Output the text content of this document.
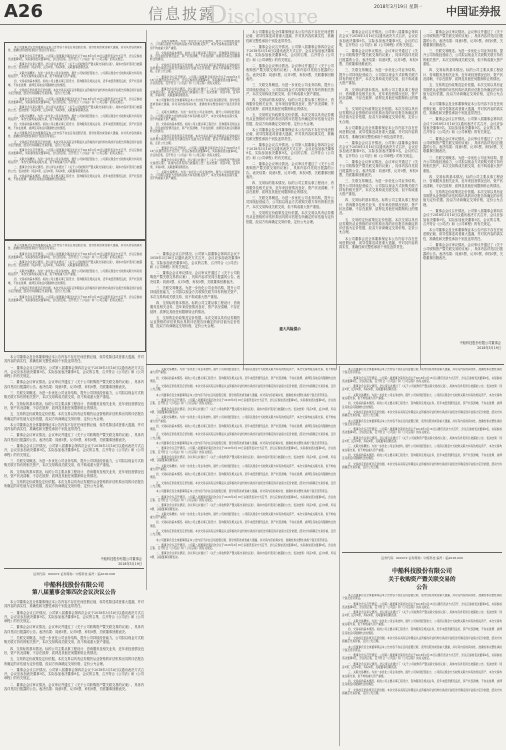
A26	信息披露
Disclosure	2018年3月19日 星期一 中国证券报

本公司董事会及全体董事保证本公告内容不存在任何虚假记载、误导性陈述或者重大遗漏，并对其内容的真实性、准确性和完整性承担个别及连带责任。

一、董事会会议召开情况。公司第八届董事会第四次会议于2018年3月16日以通讯表决方式召开，会议应参加表决董事9名，实际参加表决董事9名，会议的召集、召开符合《公司法》和《公司章程》的有关规定。

二、董事会会议审议情况。会议审议并通过了《关于公司收购资产暨关联交易的议案》，具体内容详见同日披露的公告。表决结果：同意5票，反对0票，弃权0票，关联董事回避表决。

三、关联交易概述。为进一步优化公司业务结构，提升公司持续经营能力，公司拟以现金方式收购关联方持有的相关资产，本次交易构成关联交易，但不构成重大资产重组。

四、交易标的基本情况。标的公司主要从事工程设计、咨询服务及相关业务，近年来经营情况良好，资产状况清晰，不存在抵押、质押及其他任何限制转让的情况。

五、交易的定价政策及定价依据。本次交易以具有证券期货从业资格的评估机构出具的评估报告所确定的评估值为定价依据，经双方协商确定交易价格，定价公允合理。

一、董事会会议召开情况。公司第八届董事会第四次会议于2018年3月16日以通讯表决方式召开，会议应参加表决董事9名，实际参加表决董事9名，会议的召集、召开符合《公司法》和《公司章程》的有关规定。

二、董事会会议审议情况。会议审议并通过了《关于公司收购资产暨关联交易的议案》，具体内容详见同日披露的公告。表决结果：同意5票，反对0票，弃权0票，关联董事回避表决。

三、关联交易概述。为进一步优化公司业务结构，提升公司持续经营能力，公司拟以现金方式收购关联方持有的相关资产，本次交易构成关联交易，但不构成重大资产重组。

四、交易标的基本情况。标的公司主要从事工程设计、咨询服务及相关业务，近年来经营情况良好，资产状况清晰，不存在抵押、质押及其他任何限制转让的情况。

本公司董事会及全体董事保证本公告内容不存在任何虚假记载、误导性陈述或者重大遗漏，并对其内容的真实性、准确性和完整性承担个别及连带责任。

五、交易的定价政策及定价依据。本次交易以具有证券期货从业资格的评估机构出具的评估报告所确定的评估值为定价依据，经双方协商确定交易价格，定价公允合理。

一、董事会会议召开情况。公司第八届董事会第四次会议于2018年3月16日以通讯表决方式召开，会议应参加表决董事9名，实际参加表决董事9名，会议的召集、召开符合《公司法》和《公司章程》的有关规定。

三、关联交易概述。为进一步优化公司业务结构，提升公司持续经营能力，公司拟以现金方式收购关联方持有的相关资产，本次交易构成关联交易，但不构成重大资产重组。

二、董事会会议审议情况。会议审议并通过了《关于公司收购资产暨关联交易的议案》，具体内容详见同日披露的公告。表决结果：同意5票，反对0票，弃权0票，关联董事回避表决。

四、交易标的基本情况。标的公司主要从事工程设计、咨询服务及相关业务，近年来经营情况良好，资产状况清晰，不存在抵押、质押及其他任何限制转让的情况。

三、关联交易概述。为进一步优化公司业务结构，提升公司持续经营能力，公司拟以现金方式收购关联方持有的相关资产，本次交易构成关联交易，但不构成重大资产重组。

四、交易标的基本情况。标的公司主要从事工程设计、咨询服务及相关业务，近年来经营情况良好，资产状况清晰，不存在抵押、质押及其他任何限制转让的情况。

五、交易的定价政策及定价依据。本次交易以具有证券期货从业资格的评估机构出具的评估报告所确定的评估值为定价依据，经双方协商确定交易价格，定价公允合理。

一、董事会会议召开情况。公司第八届董事会第四次会议于2018年3月16日以通讯表决方式召开，会议应参加表决董事9名，实际参加表决董事9名，会议的召集、召开符合《公司法》和《公司章程》的有关规定。

二、董事会会议审议情况。会议审议并通过了《关于公司收购资产暨关联交易的议案》，具体内容详见同日披露的公告。表决结果：同意5票，反对0票，弃权0票，关联董事回避表决。

本公司董事会及全体董事保证本公告内容不存在任何虚假记载、误导性陈述或者重大遗漏，并对其内容的真实性、准确性和完整性承担个别及连带责任。

三、关联交易概述。为进一步优化公司业务结构，提升公司持续经营能力，公司拟以现金方式收购关联方持有的相关资产，本次交易构成关联交易，但不构成重大资产重组。

四、交易标的基本情况。标的公司主要从事工程设计、咨询服务及相关业务，近年来经营情况良好，资产状况清晰，不存在抵押、质押及其他任何限制转让的情况。

五、交易的定价政策及定价依据。本次交易以具有证券期货从业资格的评估机构出具的评估报告所确定的评估值为定价依据，经双方协商确定交易价格，定价公允合理。

一、董事会会议召开情况。公司第八届董事会第四次会议于2018年3月16日以通讯表决方式召开，会议应参加表决董事9名，实际参加表决董事9名，会议的召集、召开符合《公司法》和《公司章程》的有关规定。

二、董事会会议审议情况。会议审议并通过了《关于公司收购资产暨关联交易的议案》，具体内容详见同日披露的公告。表决结果：同意5票，反对0票，弃权0票，关联董事回避表决。

三、关联交易概述。为进一步优化公司业务结构，提升公司持续经营能力，公司拟以现金方式收购关联方持有的相关资产，本次交易构成关联交易，但不构成重大资产重组。

本公司董事会及全体董事保证本公告内容不存在任何虚假记载、误导性陈述或者重大遗漏，并对其内容的真实性、准确性和完整性承担个别及连带责任。

一、董事会会议召开情况。公司第八届董事会第四次会议于2018年3月16日以通讯表决方式召开，会议应参加表决董事9名，实际参加表决董事9名，会议的召集、召开符合《公司法》和《公司章程》的有关规定。

二、董事会会议审议情况。会议审议并通过了《关于公司收购资产暨关联交易的议案》，具体内容详见同日披露的公告。表决结果：同意5票，反对0票，弃权0票，关联董事回避表决。

三、关联交易概述。为进一步优化公司业务结构，提升公司持续经营能力，公司拟以现金方式收购关联方持有的相关资产，本次交易构成关联交易，但不构成重大资产重组。

四、交易标的基本情况。标的公司主要从事工程设计、咨询服务及相关业务，近年来经营情况良好，资产状况清晰，不存在抵押、质押及其他任何限制转让的情况。

五、交易的定价政策及定价依据。本次交易以具有证券期货从业资格的评估机构出具的评估报告所确定的评估值为定价依据，经双方协商确定交易价格，定价公允合理。

本公司董事会及全体董事保证本公告内容不存在任何虚假记载、误导性陈述或者重大遗漏，并对其内容的真实性、准确性和完整性承担个别及连带责任。

一、董事会会议召开情况。公司第八届董事会第四次会议于2018年3月16日以通讯表决方式召开，会议应参加表决董事9名，实际参加表决董事9名，会议的召集、召开符合《公司法》和《公司章程》的有关规定。

二、董事会会议审议情况。会议审议并通过了《关于公司收购资产暨关联交易的议案》，具体内容详见同日披露的公告。表决结果：同意5票，反对0票，弃权0票，关联董事回避表决。

四、交易标的基本情况。标的公司主要从事工程设计、咨询服务及相关业务，近年来经营情况良好，资产状况清晰，不存在抵押、质押及其他任何限制转让的情况。

三、关联交易概述。为进一步优化公司业务结构，提升公司持续经营能力，公司拟以现金方式收购关联方持有的相关资产，本次交易构成关联交易，但不构成重大资产重组。

五、交易的定价政策及定价依据。本次交易以具有证券期货从业资格的评估机构出具的评估报告所确定的评估值为定价依据，经双方协商确定交易价格，定价公允合理。

一、董事会会议召开情况。公司第八届董事会第四次会议于2018年3月16日以通讯表决方式召开，会议应参加表决董事9名，实际参加表决董事9名，会议的召集、召开符合《公司法》和《公司章程》的有关规定。

二、董事会会议审议情况。会议审议并通过了《关于公司收购资产暨关联交易的议案》，具体内容详见同日披露的公告。表决结果：同意5票，反对0票，弃权0票，关联董事回避表决。

三、关联交易概述。为进一步优化公司业务结构，提升公司持续经营能力，公司拟以现金方式收购关联方持有的相关资产，本次交易构成关联交易，但不构成重大资产重组。

四、交易标的基本情况。标的公司主要从事工程设计、咨询服务及相关业务，近年来经营情况良好，资产状况清晰，不存在抵押、质押及其他任何限制转让的情况。

五、交易的定价政策及定价依据。本次交易以具有证券期货从业资格的评估机构出具的评估报告所确定的评估值为定价依据，经双方协商确定交易价格，定价公允合理。

本公司董事会及全体董事保证本公告内容不存在任何虚假记载、误导性陈述或者重大遗漏，并对其内容的真实性、准确性和完整性承担个别及连带责任。

一、董事会会议召开情况。公司第八届董事会第四次会议于2018年3月16日以通讯表决方式召开，会议应参加表决董事9名，实际参加表决董事9名，会议的召集、召开符合《公司法》和《公司章程》的有关规定。

二、董事会会议审议情况。会议审议并通过了《关于公司收购资产暨关联交易的议案》，具体内容详见同日披露的公告。表决结果：同意5票，反对0票，弃权0票，关联董事回避表决。

三、关联交易概述。为进一步优化公司业务结构，提升公司持续经营能力，公司拟以现金方式收购关联方持有的相关资产，本次交易构成关联交易，但不构成重大资产重组。

四、交易标的基本情况。标的公司主要从事工程设计、咨询服务及相关业务，近年来经营情况良好，资产状况清晰，不存在抵押、质押及其他任何限制转让的情况。

五、交易的定价政策及定价依据。本次交易以具有证券期货从业资格的评估机构出具的评估报告所确定的评估值为定价依据，经双方协商确定交易价格，定价公允合理。

本公司董事会及全体董事保证本公告内容不存在任何虚假记载、误导性陈述或者重大遗漏，并对其内容的真实性、准确性和完整性承担个别及连带责任。

二、董事会会议审议情况。会议审议并通过了《关于公司收购资产暨关联交易的议案》，具体内容详见同日披露的公告。表决结果：同意5票，反对0票，弃权0票，关联董事回避表决。

三、关联交易概述。为进一步优化公司业务结构，提升公司持续经营能力，公司拟以现金方式收购关联方持有的相关资产，本次交易构成关联交易，但不构成重大资产重组。

四、交易标的基本情况。标的公司主要从事工程设计、咨询服务及相关业务，近年来经营情况良好，资产状况清晰，不存在抵押、质押及其他任何限制转让的情况。

五、交易的定价政策及定价依据。本次交易以具有证券期货从业资格的评估机构出具的评估报告所确定的评估值为定价依据，经双方协商确定交易价格，定价公允合理。

本公司董事会及全体董事保证本公告内容不存在任何虚假记载、误导性陈述或者重大遗漏，并对其内容的真实性、准确性和完整性承担个别及连带责任。

一、董事会会议召开情况。公司第八届董事会第四次会议于2018年3月16日以通讯表决方式召开，会议应参加表决董事9名，实际参加表决董事9名，会议的召集、召开符合《公司法》和《公司章程》的有关规定。

二、董事会会议审议情况。会议审议并通过了《关于公司收购资产暨关联交易的议案》，具体内容详见同日披露的公告。表决结果：同意5票，反对0票，弃权0票，关联董事回避表决。

三、关联交易概述。为进一步优化公司业务结构，提升公司持续经营能力，公司拟以现金方式收购关联方持有的相关资产，本次交易构成关联交易，但不构成重大资产重组。

四、交易标的基本情况。标的公司主要从事工程设计、咨询服务及相关业务，近年来经营情况良好，资产状况清晰，不存在抵押、质押及其他任何限制转让的情况。

五、交易的定价政策及定价依据。本次交易以具有证券期货从业资格的评估机构出具的评估报告所确定的评估值为定价依据，经双方协商确定交易价格，定价公允合理。

一、董事会会议召开情况。公司第八届董事会第四次会议于2018年3月16日以通讯表决方式召开，会议应参加表决董事9名，实际参加表决董事9名，会议的召集、召开符合《公司法》和《公司章程》的有关规定。

本公司董事会及全体董事保证本公告内容不存在任何虚假记载、误导性陈述或者重大遗漏，并对其内容的真实性、准确性和完整性承担个别及连带责任。

二、董事会会议审议情况。会议审议并通过了《关于公司收购资产暨关联交易的议案》，具体内容详见同日披露的公告。表决结果：同意5票，反对0票，弃权0票，关联董事回避表决。

一、董事会会议召开情况。公司第八届董事会第四次会议于2018年3月16日以通讯表决方式召开，会议应参加表决董事9名，实际参加表决董事9名，会议的召集、召开符合《公司法》和《公司章程》的有关规定。

二、董事会会议审议情况。会议审议并通过了《关于公司收购资产暨关联交易的议案》，具体内容详见同日披露的公告。表决结果：同意5票，反对0票，弃权0票，关联董事回避表决。

三、关联交易概述。为进一步优化公司业务结构，提升公司持续经营能力，公司拟以现金方式收购关联方持有的相关资产，本次交易构成关联交易，但不构成重大资产重组。

四、交易标的基本情况。标的公司主要从事工程设计、咨询服务及相关业务，近年来经营情况良好，资产状况清晰，不存在抵押、质押及其他任何限制转让的情况。

五、交易的定价政策及定价依据。本次交易以具有证券期货从业资格的评估机构出具的评估报告所确定的评估值为定价依据，经双方协商确定交易价格，定价公允合理。

重大风险提示
中船科技股份有限公司董事会
2018年3月19日

本公司董事会及全体董事保证本公告内容不存在任何虚假记载、误导性陈述或者重大遗漏，并对其内容的真实性、准确性和完整性承担个别及连带责任。

一、董事会会议召开情况。公司第八届董事会第四次会议于2018年3月16日以通讯表决方式召开，会议应参加表决董事9名，实际参加表决董事9名，会议的召集、召开符合《公司法》和《公司章程》的有关规定。

二、董事会会议审议情况。会议审议并通过了《关于公司收购资产暨关联交易的议案》，具体内容详见同日披露的公告。表决结果：同意5票，反对0票，弃权0票，关联董事回避表决。

三、关联交易概述。为进一步优化公司业务结构，提升公司持续经营能力，公司拟以现金方式收购关联方持有的相关资产，本次交易构成关联交易，但不构成重大资产重组。

四、交易标的基本情况。标的公司主要从事工程设计、咨询服务及相关业务，近年来经营情况良好，资产状况清晰，不存在抵押、质押及其他任何限制转让的情况。

五、交易的定价政策及定价依据。本次交易以具有证券期货从业资格的评估机构出具的评估报告所确定的评估值为定价依据，经双方协商确定交易价格，定价公允合理。

一、董事会会议召开情况。公司第八届董事会第四次会议于2018年3月16日以通讯表决方式召开，会议应参加表决董事9名，实际参加表决董事9名，会议的召集、召开符合《公司法》和《公司章程》的有关规定。

本公司董事会及全体董事保证本公告内容不存在任何虚假记载、误导性陈述或者重大遗漏，并对其内容的真实性、准确性和完整性承担个别及连带责任。

一、董事会会议召开情况。公司第八届董事会第四次会议于2018年3月16日以通讯表决方式召开，会议应参加表决董事9名，实际参加表决董事9名，会议的召集、召开符合《公司法》和《公司章程》的有关规定。

二、董事会会议审议情况。会议审议并通过了《关于公司收购资产暨关联交易的议案》，具体内容详见同日披露的公告。表决结果：同意5票，反对0票，弃权0票，关联董事回避表决。

三、关联交易概述。为进一步优化公司业务结构，提升公司持续经营能力，公司拟以现金方式收购关联方持有的相关资产，本次交易构成关联交易，但不构成重大资产重组。

四、交易标的基本情况。标的公司主要从事工程设计、咨询服务及相关业务，近年来经营情况良好，资产状况清晰，不存在抵押、质押及其他任何限制转让的情况。

五、交易的定价政策及定价依据。本次交易以具有证券期货从业资格的评估机构出具的评估报告所确定的评估值为定价依据，经双方协商确定交易价格，定价公允合理。

本公司董事会及全体董事保证本公告内容不存在任何虚假记载、误导性陈述或者重大遗漏，并对其内容的真实性、准确性和完整性承担个别及连带责任。

二、董事会会议审议情况。会议审议并通过了《关于公司收购资产暨关联交易的议案》，具体内容详见同日披露的公告。表决结果：同意5票，反对0票，弃权0票，关联董事回避表决。

一、董事会会议召开情况。公司第八届董事会第四次会议于2018年3月16日以通讯表决方式召开，会议应参加表决董事9名，实际参加表决董事9名，会议的召集、召开符合《公司法》和《公司章程》的有关规定。

三、关联交易概述。为进一步优化公司业务结构，提升公司持续经营能力，公司拟以现金方式收购关联方持有的相关资产，本次交易构成关联交易，但不构成重大资产重组。

四、交易标的基本情况。标的公司主要从事工程设计、咨询服务及相关业务，近年来经营情况良好，资产状况清晰，不存在抵押、质押及其他任何限制转让的情况。

五、交易的定价政策及定价依据。本次交易以具有证券期货从业资格的评估机构出具的评估报告所确定的评估值为定价依据，经双方协商确定交易价格，定价公允合理。

中船科技股份有限公司董事会
2018年3月19日
证券代码：600072 证券简称：中船科技 编号：临2018-008
中船科技股份有限公司
第八届董事会第四次会议决议公告

本公司董事会及全体董事保证本公告内容不存在任何虚假记载、误导性陈述或者重大遗漏，并对其内容的真实性、准确性和完整性承担个别及连带责任。

一、董事会会议召开情况。公司第八届董事会第四次会议于2018年3月16日以通讯表决方式召开，会议应参加表决董事9名，实际参加表决董事9名，会议的召集、召开符合《公司法》和《公司章程》的有关规定。

二、董事会会议审议情况。会议审议并通过了《关于公司收购资产暨关联交易的议案》，具体内容详见同日披露的公告。表决结果：同意5票，反对0票，弃权0票，关联董事回避表决。

三、关联交易概述。为进一步优化公司业务结构，提升公司持续经营能力，公司拟以现金方式收购关联方持有的相关资产，本次交易构成关联交易，但不构成重大资产重组。

四、交易标的基本情况。标的公司主要从事工程设计、咨询服务及相关业务，近年来经营情况良好，资产状况清晰，不存在抵押、质押及其他任何限制转让的情况。

五、交易的定价政策及定价依据。本次交易以具有证券期货从业资格的评估机构出具的评估报告所确定的评估值为定价依据，经双方协商确定交易价格，定价公允合理。

一、董事会会议召开情况。公司第八届董事会第四次会议于2018年3月16日以通讯表决方式召开，会议应参加表决董事9名，实际参加表决董事9名，会议的召集、召开符合《公司法》和《公司章程》的有关规定。

二、董事会会议审议情况。会议审议并通过了《关于公司收购资产暨关联交易的议案》，具体内容详见同日披露的公告。表决结果：同意5票，反对0票，弃权0票，关联董事回避表决。

三、关联交易概述。为进一步优化公司业务结构，提升公司持续经营能力，公司拟以现金方式收购关联方持有的相关资产，本次交易构成关联交易，但不构成重大资产重组。

四、交易标的基本情况。标的公司主要从事工程设计、咨询服务及相关业务，近年来经营情况良好，资产状况清晰，不存在抵押、质押及其他任何限制转让的情况。

五、交易的定价政策及定价依据。本次交易以具有证券期货从业资格的评估机构出具的评估报告所确定的评估值为定价依据，经双方协商确定交易价格，定价公允合理。

本公司董事会及全体董事保证本公告内容不存在任何虚假记载、误导性陈述或者重大遗漏，并对其内容的真实性、准确性和完整性承担个别及连带责任。

一、董事会会议召开情况。公司第八届董事会第四次会议于2018年3月16日以通讯表决方式召开，会议应参加表决董事9名，实际参加表决董事9名，会议的召集、召开符合《公司法》和《公司章程》的有关规定。

二、董事会会议审议情况。会议审议并通过了《关于公司收购资产暨关联交易的议案》，具体内容详见同日披露的公告。表决结果：同意5票，反对0票，弃权0票，关联董事回避表决。

三、关联交易概述。为进一步优化公司业务结构，提升公司持续经营能力，公司拟以现金方式收购关联方持有的相关资产，本次交易构成关联交易，但不构成重大资产重组。

四、交易标的基本情况。标的公司主要从事工程设计、咨询服务及相关业务，近年来经营情况良好，资产状况清晰，不存在抵押、质押及其他任何限制转让的情况。

五、交易的定价政策及定价依据。本次交易以具有证券期货从业资格的评估机构出具的评估报告所确定的评估值为定价依据，经双方协商确定交易价格，定价公允合理。

本公司董事会及全体董事保证本公告内容不存在任何虚假记载、误导性陈述或者重大遗漏，并对其内容的真实性、准确性和完整性承担个别及连带责任。

一、董事会会议召开情况。公司第八届董事会第四次会议于2018年3月16日以通讯表决方式召开，会议应参加表决董事9名，实际参加表决董事9名，会议的召集、召开符合《公司法》和《公司章程》的有关规定。

二、董事会会议审议情况。会议审议并通过了《关于公司收购资产暨关联交易的议案》，具体内容详见同日披露的公告。表决结果：同意5票，反对0票，弃权0票，关联董事回避表决。

三、关联交易概述。为进一步优化公司业务结构，提升公司持续经营能力，公司拟以现金方式收购关联方持有的相关资产，本次交易构成关联交易，但不构成重大资产重组。

四、交易标的基本情况。标的公司主要从事工程设计、咨询服务及相关业务，近年来经营情况良好，资产状况清晰，不存在抵押、质押及其他任何限制转让的情况。

五、交易的定价政策及定价依据。本次交易以具有证券期货从业资格的评估机构出具的评估报告所确定的评估值为定价依据，经双方协商确定交易价格，定价公允合理。

本公司董事会及全体董事保证本公告内容不存在任何虚假记载、误导性陈述或者重大遗漏，并对其内容的真实性、准确性和完整性承担个别及连带责任。

一、董事会会议召开情况。公司第八届董事会第四次会议于2018年3月16日以通讯表决方式召开，会议应参加表决董事9名，实际参加表决董事9名，会议的召集、召开符合《公司法》和《公司章程》的有关规定。

二、董事会会议审议情况。会议审议并通过了《关于公司收购资产暨关联交易的议案》，具体内容详见同日披露的公告。表决结果：同意5票，反对0票，弃权0票，关联董事回避表决。

三、关联交易概述。为进一步优化公司业务结构，提升公司持续经营能力，公司拟以现金方式收购关联方持有的相关资产，本次交易构成关联交易，但不构成重大资产重组。

四、交易标的基本情况。标的公司主要从事工程设计、咨询服务及相关业务，近年来经营情况良好，资产状况清晰，不存在抵押、质押及其他任何限制转让的情况。

五、交易的定价政策及定价依据。本次交易以具有证券期货从业资格的评估机构出具的评估报告所确定的评估值为定价依据，经双方协商确定交易价格，定价公允合理。

本公司董事会及全体董事保证本公告内容不存在任何虚假记载、误导性陈述或者重大遗漏，并对其内容的真实性、准确性和完整性承担个别及连带责任。

一、董事会会议召开情况。公司第八届董事会第四次会议于2018年3月16日以通讯表决方式召开，会议应参加表决董事9名，实际参加表决董事9名，会议的召集、召开符合《公司法》和《公司章程》的有关规定。

二、董事会会议审议情况。会议审议并通过了《关于公司收购资产暨关联交易的议案》，具体内容详见同日披露的公告。表决结果：同意5票，反对0票，弃权0票，关联董事回避表决。

本公司董事会及全体董事保证本公告内容不存在任何虚假记载、误导性陈述或者重大遗漏，并对其内容的真实性、准确性和完整性承担个别及连带责任。

一、董事会会议召开情况。公司第八届董事会第四次会议于2018年3月16日以通讯表决方式召开，会议应参加表决董事9名，实际参加表决董事9名，会议的召集、召开符合《公司法》和《公司章程》的有关规定。

二、董事会会议审议情况。会议审议并通过了《关于公司收购资产暨关联交易的议案》，具体内容详见同日披露的公告。表决结果：同意5票，反对0票，弃权0票，关联董事回避表决。

三、关联交易概述。为进一步优化公司业务结构，提升公司持续经营能力，公司拟以现金方式收购关联方持有的相关资产，本次交易构成关联交易，但不构成重大资产重组。

四、交易标的基本情况。标的公司主要从事工程设计、咨询服务及相关业务，近年来经营情况良好，资产状况清晰，不存在抵押、质押及其他任何限制转让的情况。

五、交易的定价政策及定价依据。本次交易以具有证券期货从业资格的评估机构出具的评估报告所确定的评估值为定价依据，经双方协商确定交易价格，定价公允合理。

本公司董事会及全体董事保证本公告内容不存在任何虚假记载、误导性陈述或者重大遗漏，并对其内容的真实性、准确性和完整性承担个别及连带责任。

一、董事会会议召开情况。公司第八届董事会第四次会议于2018年3月16日以通讯表决方式召开，会议应参加表决董事9名，实际参加表决董事9名，会议的召集、召开符合《公司法》和《公司章程》的有关规定。

二、董事会会议审议情况。会议审议并通过了《关于公司收购资产暨关联交易的议案》，具体内容详见同日披露的公告。表决结果：同意5票，反对0票，弃权0票，关联董事回避表决。

三、关联交易概述。为进一步优化公司业务结构，提升公司持续经营能力，公司拟以现金方式收购关联方持有的相关资产，本次交易构成关联交易，但不构成重大资产重组。

四、交易标的基本情况。标的公司主要从事工程设计、咨询服务及相关业务，近年来经营情况良好，资产状况清晰，不存在抵押、质押及其他任何限制转让的情况。

五、交易的定价政策及定价依据。本次交易以具有证券期货从业资格的评估机构出具的评估报告所确定的评估值为定价依据，经双方协商确定交易价格，定价公允合理。

证券代码：600072 证券简称：中船科技 编号：临2018-009
中船科技股份有限公司
关于收购资产暨关联交易的
公告

本公司董事会及全体董事保证本公告内容不存在任何虚假记载、误导性陈述或者重大遗漏，并对其内容的真实性、准确性和完整性承担个别及连带责任。

一、董事会会议召开情况。公司第八届董事会第四次会议于2018年3月16日以通讯表决方式召开，会议应参加表决董事9名，实际参加表决董事9名，会议的召集、召开符合《公司法》和《公司章程》的有关规定。

二、董事会会议审议情况。会议审议并通过了《关于公司收购资产暨关联交易的议案》，具体内容详见同日披露的公告。表决结果：同意5票，反对0票，弃权0票，关联董事回避表决。

三、关联交易概述。为进一步优化公司业务结构，提升公司持续经营能力，公司拟以现金方式收购关联方持有的相关资产，本次交易构成关联交易，但不构成重大资产重组。

四、交易标的基本情况。标的公司主要从事工程设计、咨询服务及相关业务，近年来经营情况良好，资产状况清晰，不存在抵押、质押及其他任何限制转让的情况。

五、交易的定价政策及定价依据。本次交易以具有证券期货从业资格的评估机构出具的评估报告所确定的评估值为定价依据，经双方协商确定交易价格，定价公允合理。

本公司董事会及全体董事保证本公告内容不存在任何虚假记载、误导性陈述或者重大遗漏，并对其内容的真实性、准确性和完整性承担个别及连带责任。

一、董事会会议召开情况。公司第八届董事会第四次会议于2018年3月16日以通讯表决方式召开，会议应参加表决董事9名，实际参加表决董事9名，会议的召集、召开符合《公司法》和《公司章程》的有关规定。

二、董事会会议审议情况。会议审议并通过了《关于公司收购资产暨关联交易的议案》，具体内容详见同日披露的公告。表决结果：同意5票，反对0票，弃权0票，关联董事回避表决。

三、关联交易概述。为进一步优化公司业务结构，提升公司持续经营能力，公司拟以现金方式收购关联方持有的相关资产，本次交易构成关联交易，但不构成重大资产重组。

四、交易标的基本情况。标的公司主要从事工程设计、咨询服务及相关业务，近年来经营情况良好，资产状况清晰，不存在抵押、质押及其他任何限制转让的情况。

五、交易的定价政策及定价依据。本次交易以具有证券期货从业资格的评估机构出具的评估报告所确定的评估值为定价依据，经双方协商确定交易价格，定价公允合理。
